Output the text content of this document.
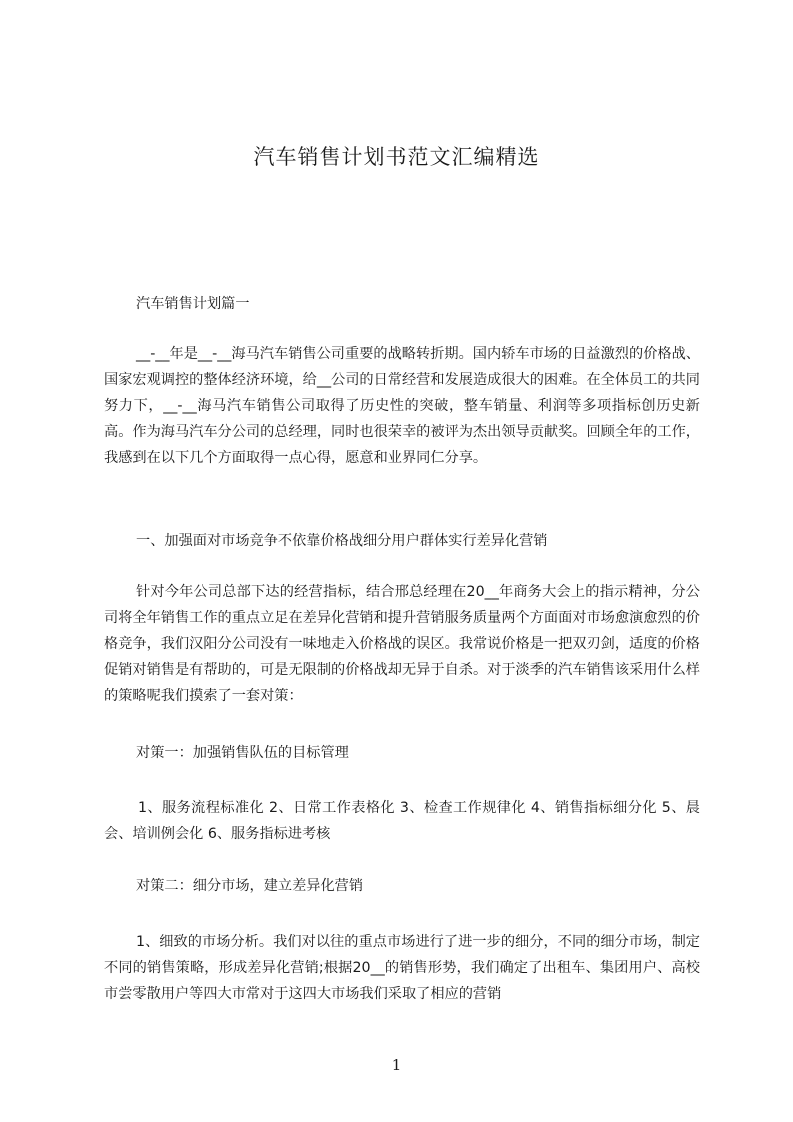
汽车销售计划书范文汇编精选

汽车销售计划篇一

__-__年是__-__海马汽车销售公司重要的战略转折期。国内轿车市场的日益激烈的价格战、国家宏观调控的整体经济环境，给__公司的日常经营和发展造成很大的困难。在全体员工的共同努力下，__-__海马汽车销售公司取得了历史性的突破，整车销量、利润等多项指标创历史新高。作为海马汽车分公司的总经理，同时也很荣幸的被评为杰出领导贡献奖。回顾全年的工作，我感到在以下几个方面取得一点心得，愿意和业界同仁分享。

一、加强面对市场竞争不依靠价格战细分用户群体实行差异化营销

针对今年公司总部下达的经营指标，结合邢总经理在20__年商务大会上的指示精神，分公司将全年销售工作的重点立足在差异化营销和提升营销服务质量两个方面面对市场愈演愈烈的价格竞争，我们汉阳分公司没有一味地走入价格战的误区。我常说价格是一把双刃剑，适度的价格促销对销售是有帮助的，可是无限制的价格战却无异于自杀。对于淡季的汽车销售该采用什么样的策略呢我们摸索了一套对策：

对策一：加强销售队伍的目标管理

1、服务流程标准化 2、日常工作表格化 3、检查工作规律化 4、销售指标细分化 5、晨会、培训例会化 6、服务指标进考核

对策二：细分市场，建立差异化营销

1、细致的市场分析。我们对以往的重点市场进行了进一步的细分，不同的细分市场，制定不同的销售策略，形成差异化营销;根据20__的销售形势，我们确定了出租车、集团用户、高校市尝零散用户等四大市常对于这四大市场我们采取了相应的营销

1
